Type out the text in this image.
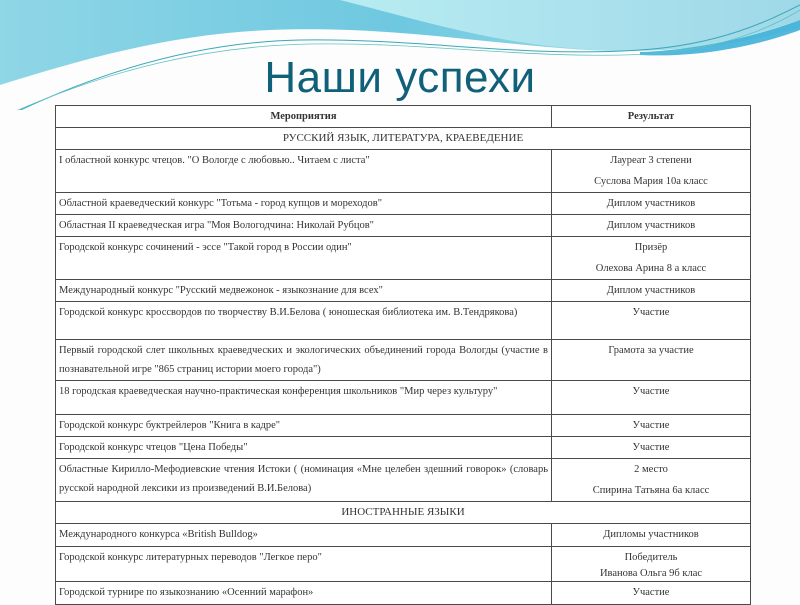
Наши успехи
Мероприятия	Результат
РУССКИЙ ЯЗЫК, ЛИТЕРАТУРА, КРАЕВЕДЕНИЕ	
I областной конкурс чтецов. "О Вологде с любовью.. Читаем с листа"	Лауреат 3 степени
Суслова Мария 10а класс

Областной краеведческий конкурс "Тотьма - город купцов и мореходов"	Диплом участников

Областная II краеведческая игра "Моя Вологодчина: Николай Рубцов"	Диплом участников

Городской конкурс сочинений - эссе "Такой город в России один"	Призёр
Олехова Арина 8 а класс

Международный конкурс "Русский медвежонок - языкознание для всех"	Диплом участников

Городской конкурс кроссвордов по творчеству В.И.Белова ( юношеская библиотека им. В.Тендрякова)	Участие

Первый городской слет школьных краеведческих и экологических объединений города Вологды (участие в познавательной игре "865 страниц истории моего города")	Грамота за участие

18 городская краеведческая научно-практическая конференция школьников "Мир через культуру"	Участие

Городской конкурс буктрейлеров "Книга в кадре"	Участие

Городской конкурс чтецов "Цена Победы"	Участие

Областные Кирилло-Мефодиевские чтения Истоки ( (номинация «Мне целебен здешний говорок» (словарь русской народной лексики из произведений В.И.Белова)	2 место
Спирина Татьяна 6а класс

ИНОСТРАННЫЕ ЯЗЫКИ	
Международного конкурса «British Bulldog»	Дипломы участников

Городской конкурс литературных переводов "Легкое перо"	Победитель
Иванова Ольга 9б клас

Городской турнире по языкознанию «Осенний марафон»	Участие
